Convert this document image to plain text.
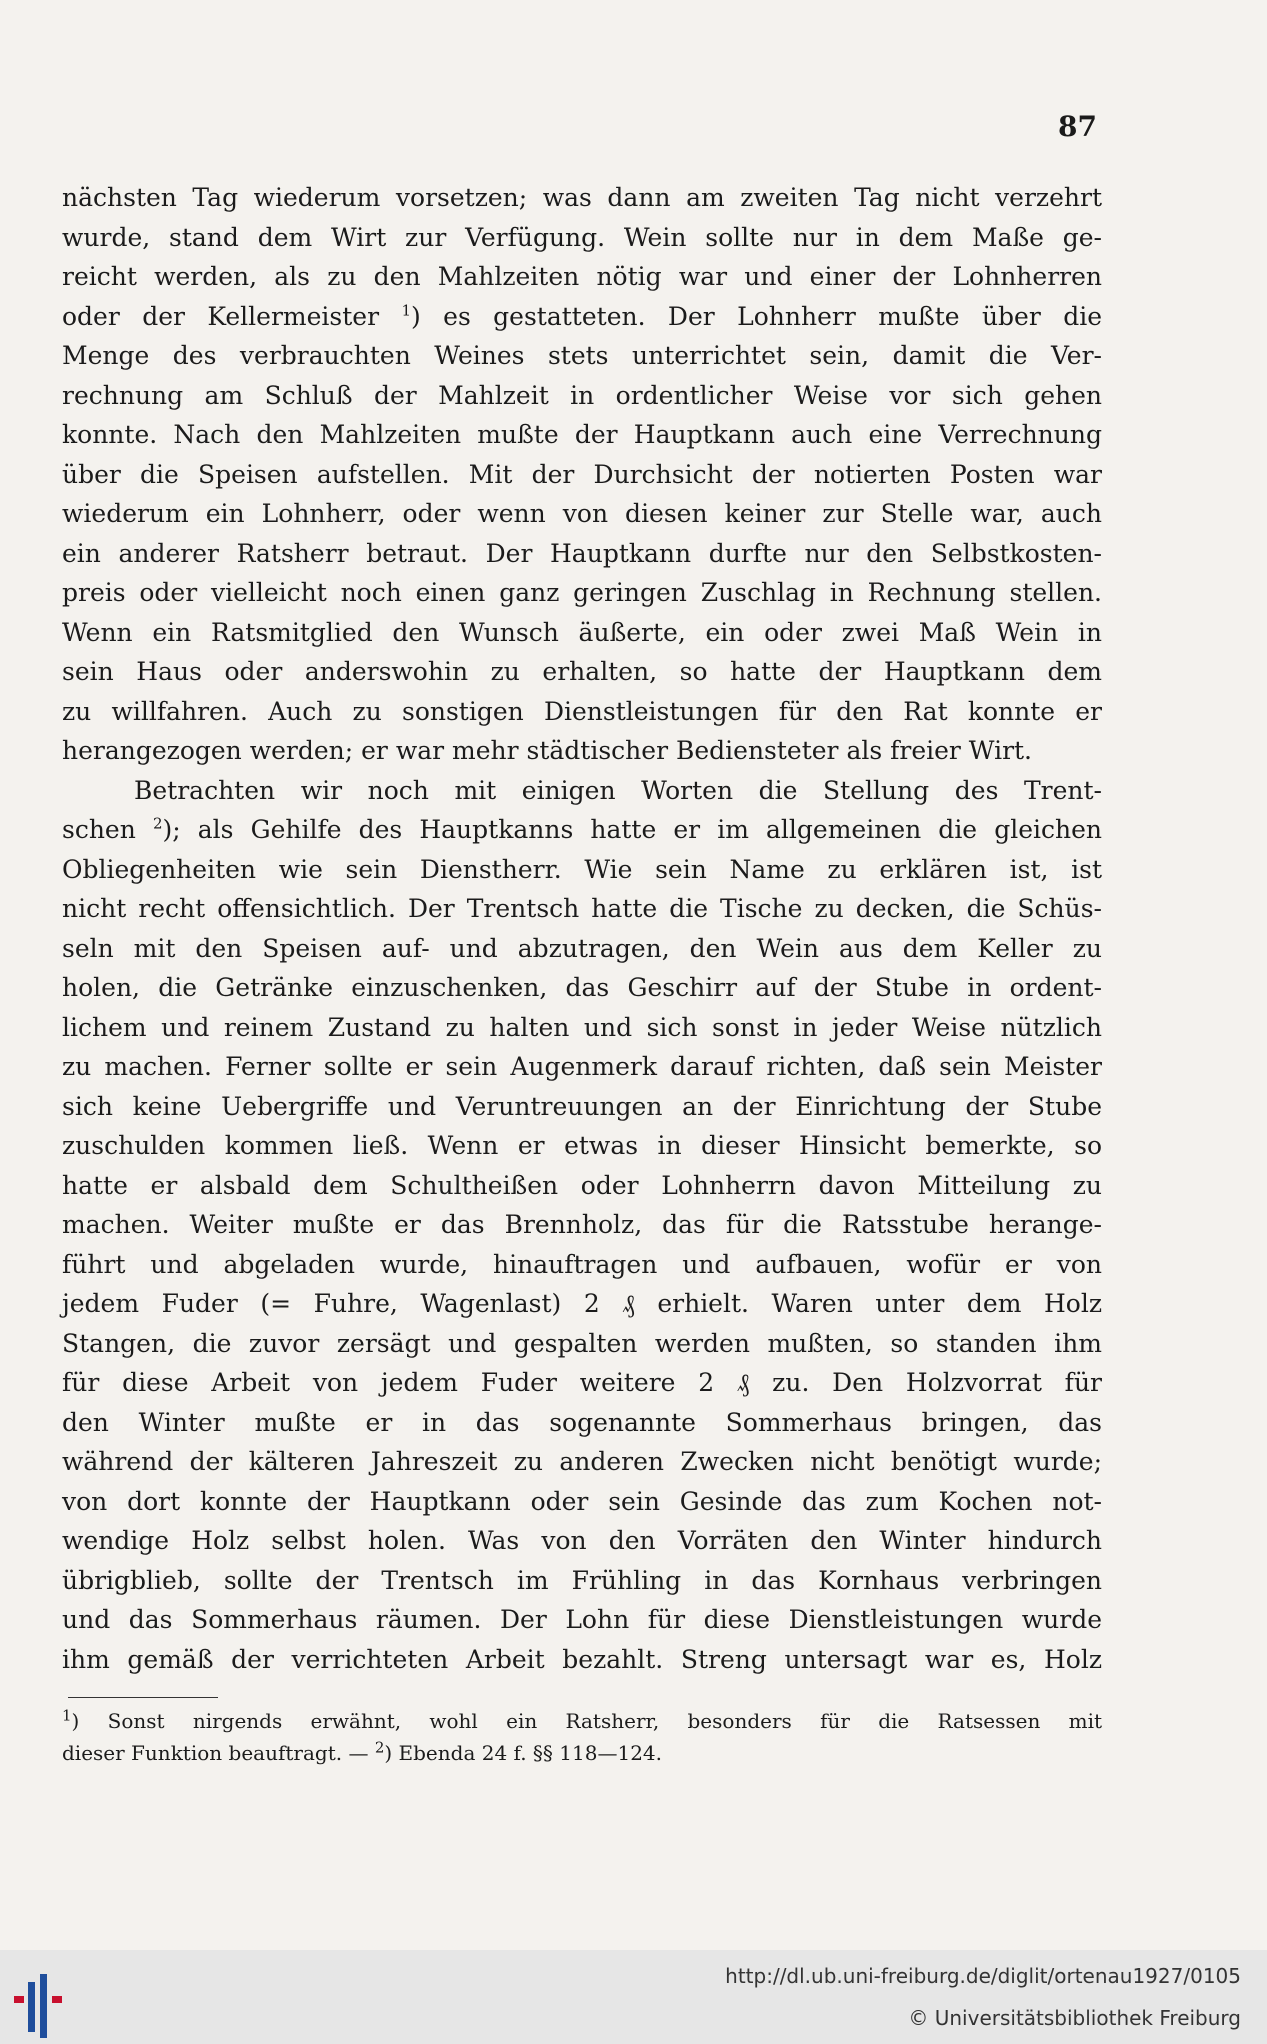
87
nächsten Tag wiederum vorsetzen; was dann am zweiten Tag nicht verzehrt
wurde, stand dem Wirt zur Verfügung. Wein sollte nur in dem Maße ge-
reicht werden, als zu den Mahlzeiten nötig war und einer der Lohnherren
oder der Kellermeister $^1$) es gestatteten. Der Lohnherr mußte über die
Menge des verbrauchten Weines stets unterrichtet sein, damit die Ver-
rechnung am Schluß der Mahlzeit in ordentlicher Weise vor sich gehen
konnte. Nach den Mahlzeiten mußte der Hauptkann auch eine Verrechnung
über die Speisen aufstellen. Mit der Durchsicht der notierten Posten war
wiederum ein Lohnherr, oder wenn von diesen keiner zur Stelle war, auch
ein anderer Ratsherr betraut. Der Hauptkann durfte nur den Selbstkosten-
preis oder vielleicht noch einen ganz geringen Zuschlag in Rechnung stellen.
Wenn ein Ratsmitglied den Wunsch äußerte, ein oder zwei Maß Wein in
sein Haus oder anderswohin zu erhalten, so hatte der Hauptkann dem
zu willfahren. Auch zu sonstigen Dienstleistungen für den Rat konnte er
herangezogen werden; er war mehr städtischer Bediensteter als freier Wirt.
Betrachten wir noch mit einigen Worten die Stellung des Trent-
schen $^2$); als Gehilfe des Hauptkanns hatte er im allgemeinen die gleichen
Obliegenheiten wie sein Dienstherr. Wie sein Name zu erklären ist, ist
nicht recht offensichtlich. Der Trentsch hatte die Tische zu decken, die Schüs-
seln mit den Speisen auf- und abzutragen, den Wein aus dem Keller zu
holen, die Getränke einzuschenken, das Geschirr auf der Stube in ordent-
lichem und reinem Zustand zu halten und sich sonst in jeder Weise nützlich
zu machen. Ferner sollte er sein Augenmerk darauf richten, daß sein Meister
sich keine Uebergriffe und Veruntreuungen an der Einrichtung der Stube
zuschulden kommen ließ. Wenn er etwas in dieser Hinsicht bemerkte, so
hatte er alsbald dem Schultheißen oder Lohnherrn davon Mitteilung zu
machen. Weiter mußte er das Brennholz, das für die Ratsstube herange-
führt und abgeladen wurde, hinauftragen und aufbauen, wofür er von
jedem Fuder (= Fuhre, Wagenlast) 2 ₰ erhielt. Waren unter dem Holz
Stangen, die zuvor zersägt und gespalten werden mußten, so standen ihm
für diese Arbeit von jedem Fuder weitere 2 ₰ zu. Den Holzvorrat für
den Winter mußte er in das sogenannte Sommerhaus bringen, das
während der kälteren Jahreszeit zu anderen Zwecken nicht benötigt wurde;
von dort konnte der Hauptkann oder sein Gesinde das zum Kochen not-
wendige Holz selbst holen. Was von den Vorräten den Winter hindurch
übrigblieb, sollte der Trentsch im Frühling in das Kornhaus verbringen
und das Sommerhaus räumen. Der Lohn für diese Dienstleistungen wurde
ihm gemäß der verrichteten Arbeit bezahlt. Streng untersagt war es, Holz
$^1$) Sonst nirgends erwähnt, wohl ein Ratsherr, besonders für die Ratsessen mit
dieser Funktion beauftragt. — $^2$) Ebenda 24 f. §§ 118—124.
http://dl.ub.uni-freiburg.de/diglit/ortenau1927/0105
© Universitätsbibliothek Freiburg
